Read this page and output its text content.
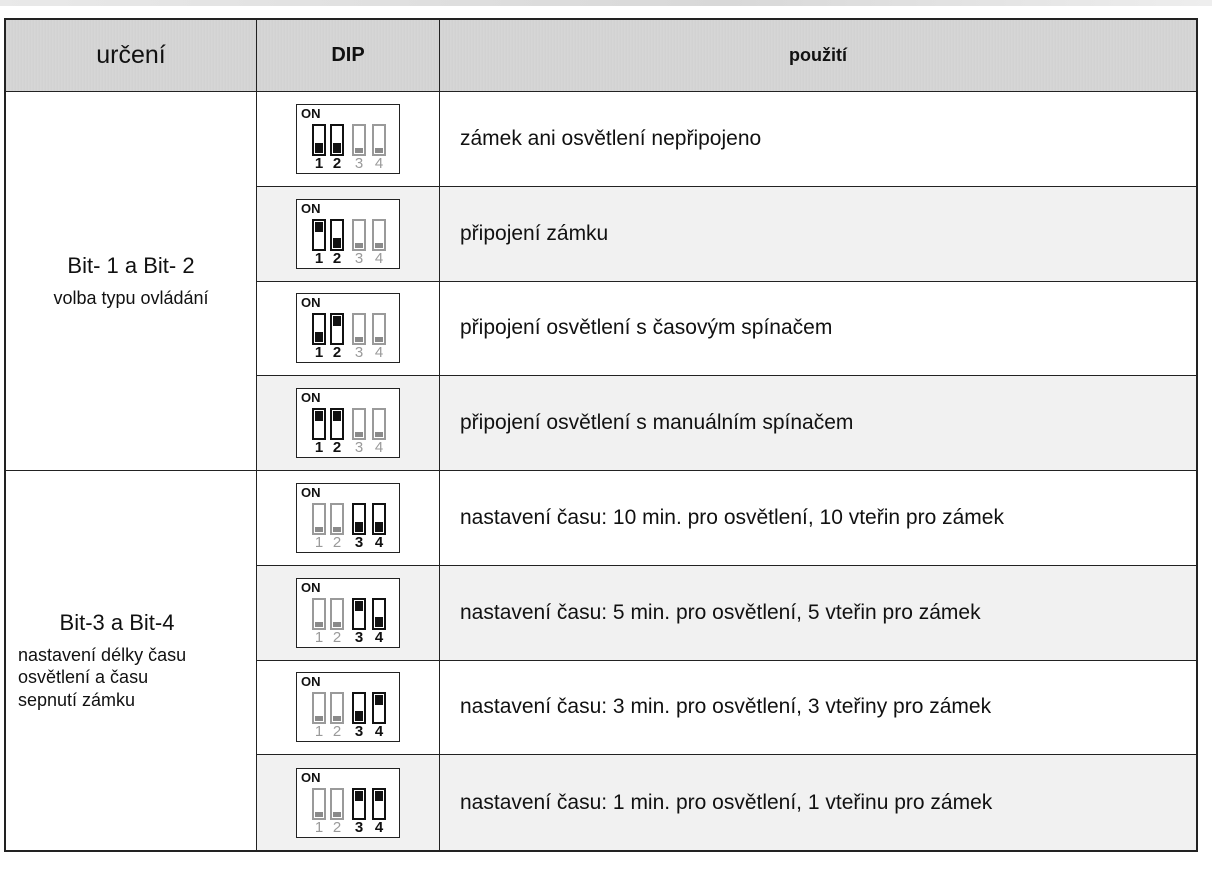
určení	DIP	použití
Bit- 1 a Bit- 2
volba typu ovládání
Bit-3 a Bit-4
nastavení délky času
osvětlení a času
sepnutí zámku
ON
1 2 3 4
zámek ani osvětlení nepřipojeno
ON
1 2 3 4
připojení zámku
ON
1 2 3 4
připojení osvětlení s časovým spínačem
ON
1 2 3 4
připojení osvětlení s manuálním spínačem
ON
1 2 3 4
nastavení času: 10 min. pro osvětlení, 10 vteřin pro zámek
ON
1 2 3 4
nastavení času: 5 min. pro osvětlení, 5 vteřin pro zámek
ON
1 2 3 4
nastavení času: 3 min. pro osvětlení, 3 vteřiny pro zámek
ON
1 2 3 4
nastavení času: 1 min. pro osvětlení, 1 vteřinu pro zámek
